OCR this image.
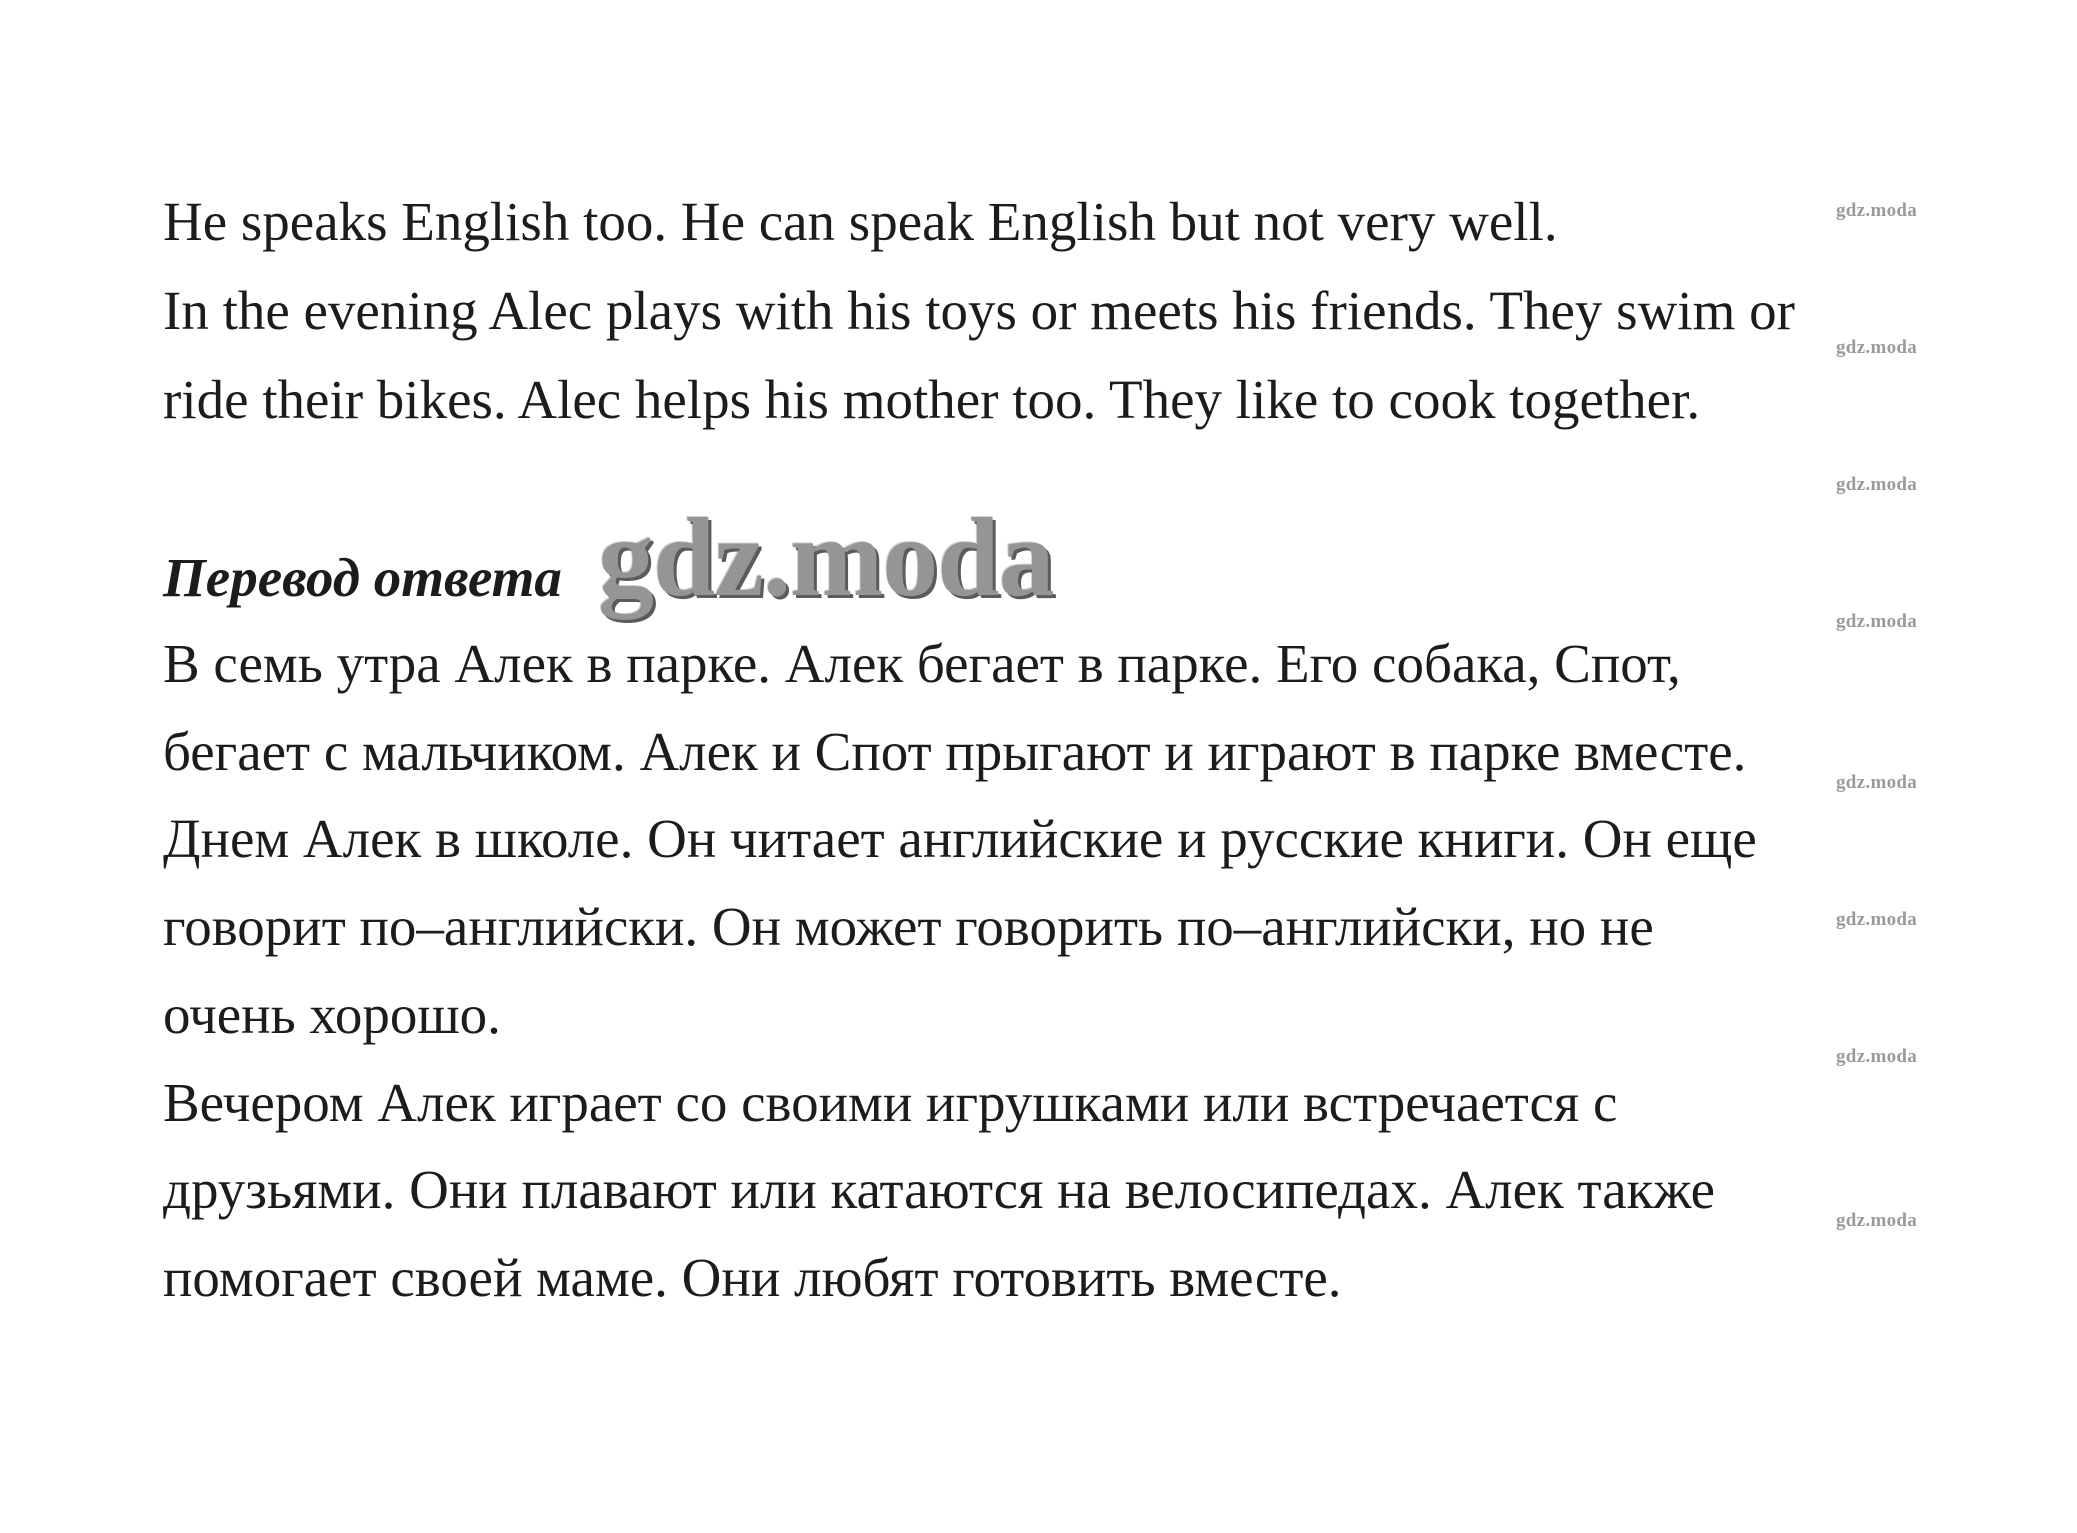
He speaks English too. He can speak English but not very well.
In the evening Alec plays with his toys or meets his friends. They swim or
ride their bikes. Alec helps his mother too. They like to cook together.
Перевод ответа gdz.moda
В семь утра Алек в парке. Алек бегает в парке. Его собака, Спот,
бегает с мальчиком. Алек и Спот прыгают и играют в парке вместе.
Днем Алек в школе. Он читает английские и русские книги. Он еще
говорит по–английски. Он может говорить по–английски, но не
очень хорошо.
Вечером Алек играет со своими игрушками или встречается с
друзьями. Они плавают или катаются на велосипедах. Алек также
помогает своей маме. Они любят готовить вместе.
gdz.moda
gdz.moda
gdz.moda
gdz.moda
gdz.moda
gdz.moda
gdz.moda
gdz.moda
